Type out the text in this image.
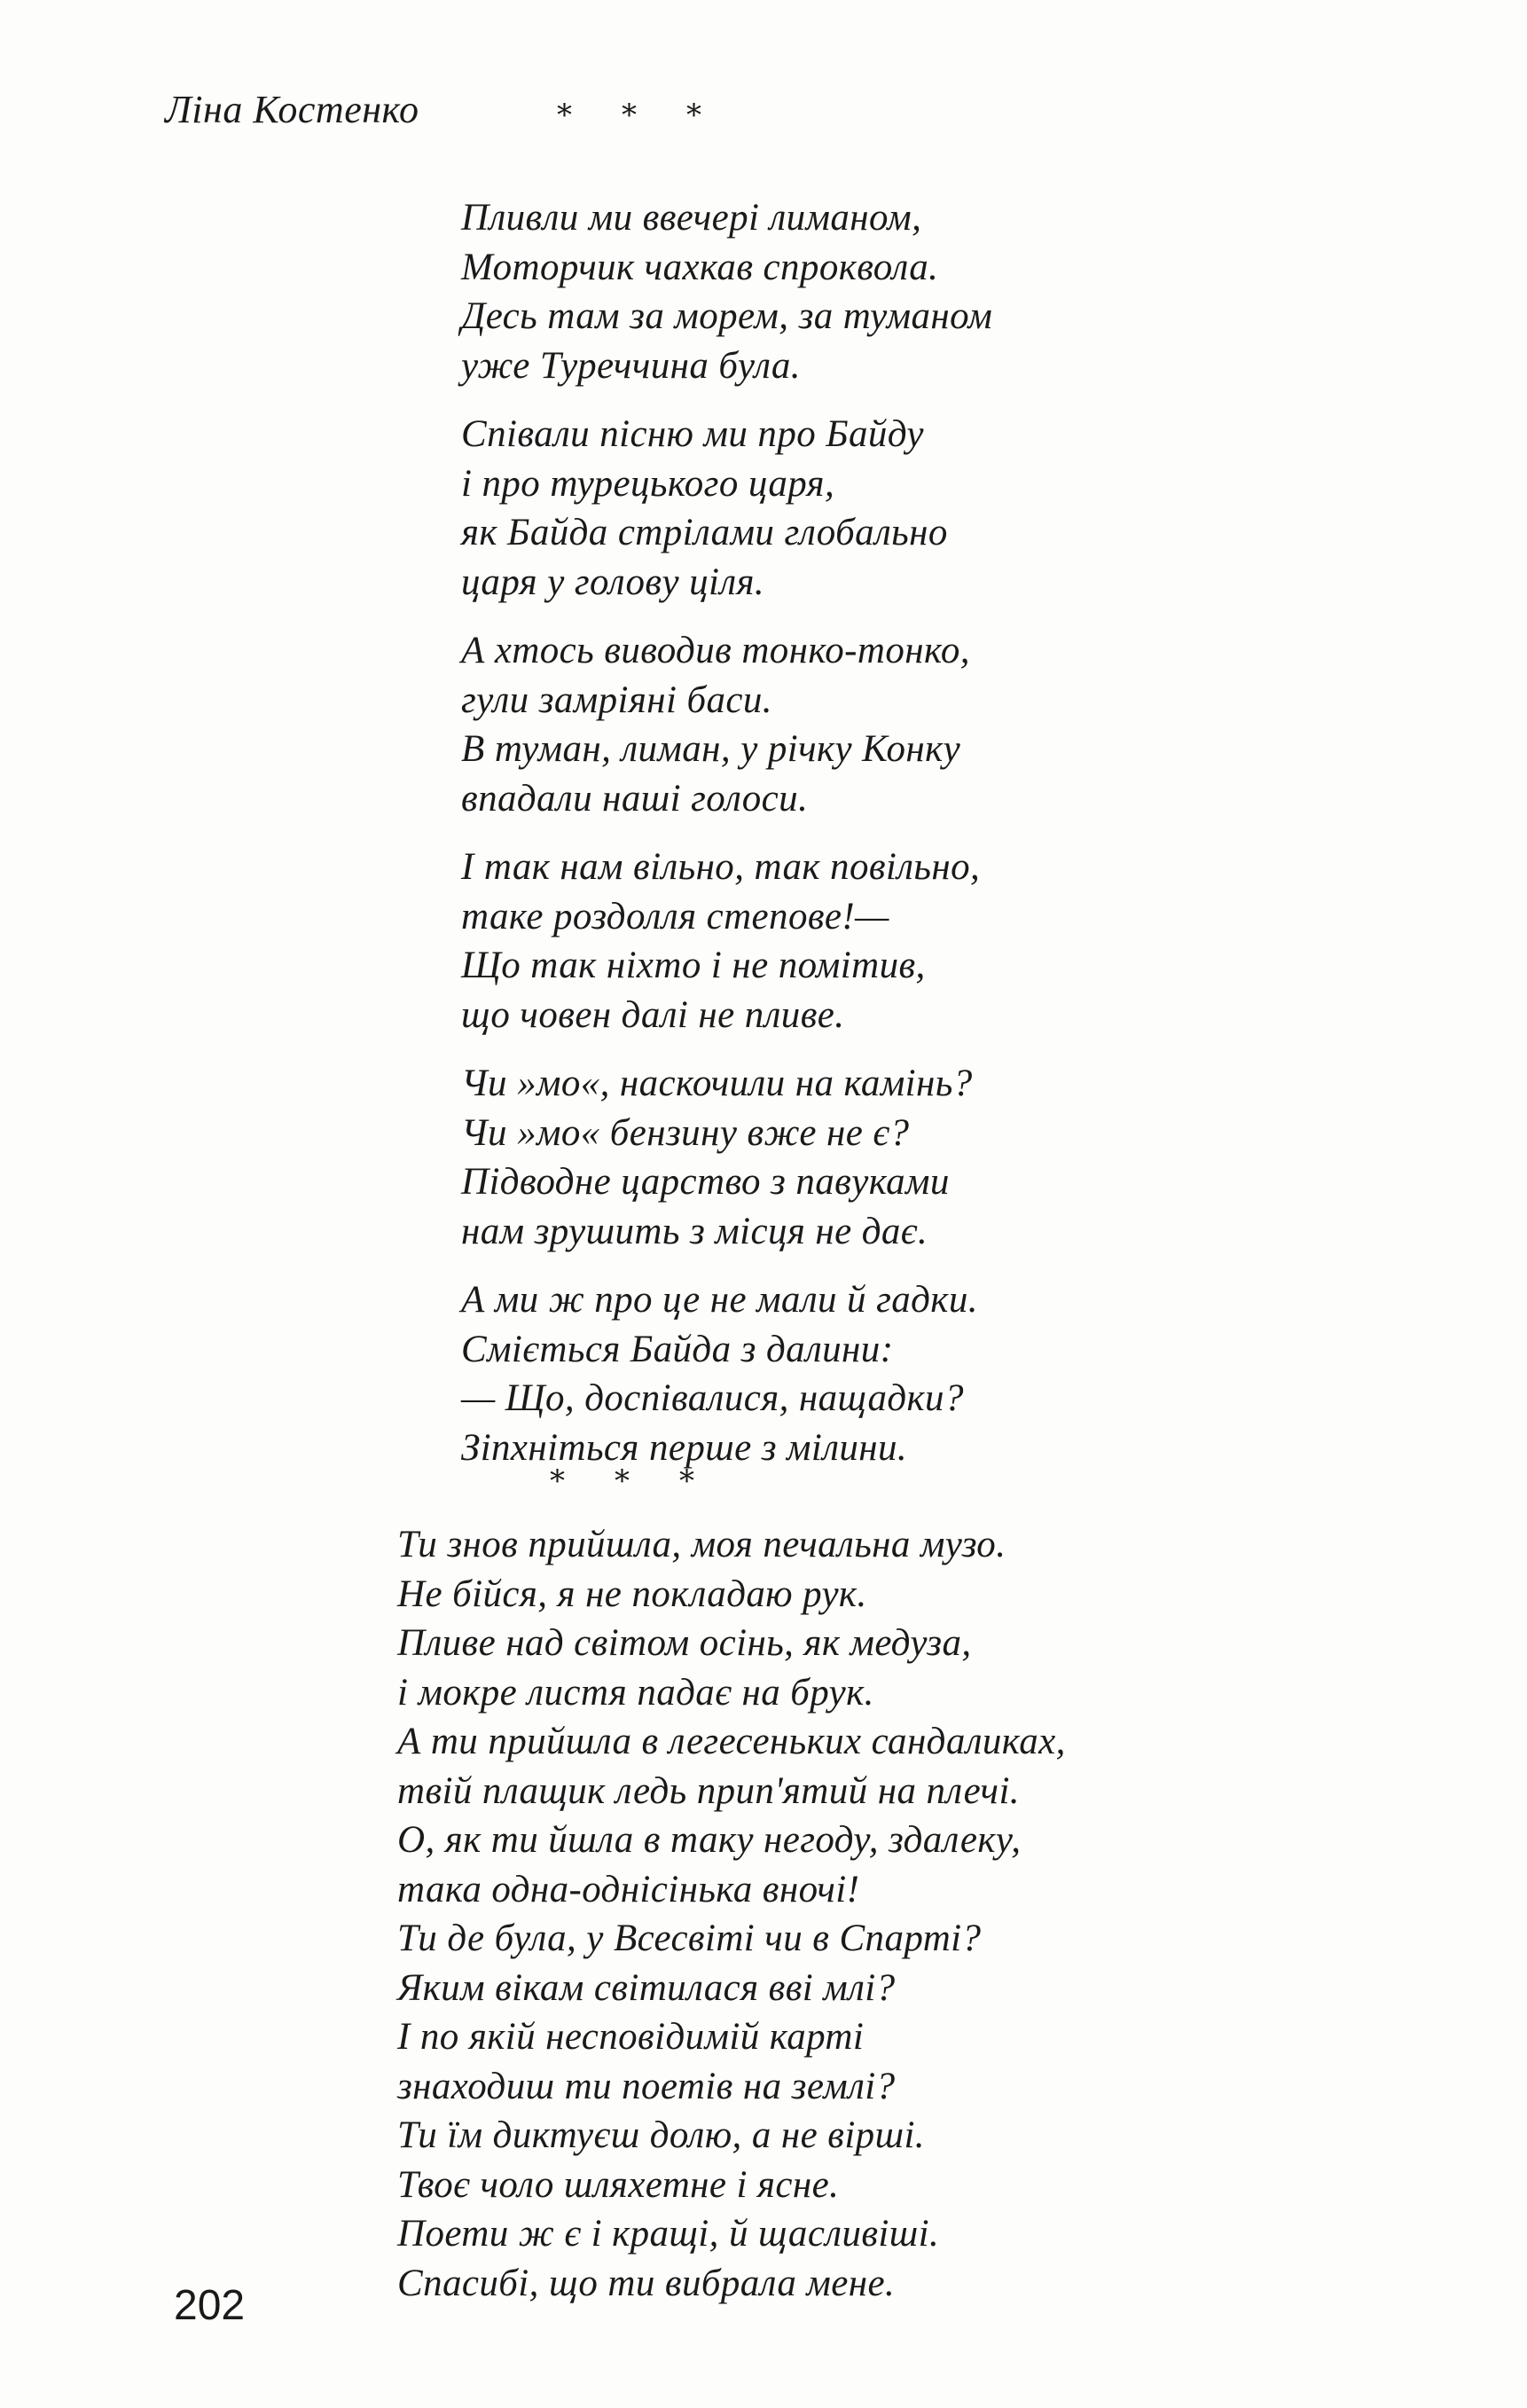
Ліна Костенко	* * *
Пливли ми ввечері лиманом,
Моторчик чахкав спроквола.
Десь там за морем, за туманом
уже Туреччина була.
Співали пісню ми про Байду
і про турецького царя,
як Байда стрілами глобально
царя у голову ціля.
А хтось виводив тонко-тонко,
гули замріяні баси.
В туман, лиман, у річку Конку
впадали наші голоси.
І так нам вільно, так повільно,
таке роздолля степове!—
Що так ніхто і не помітив,
що човен далі не пливе.
Чи »мо«, наскочили на камінь?
Чи »мо« бензину вже не є?
Підводне царство з павуками
нам зрушить з місця не дає.
А ми ж про це не мали й гадки.
Сміється Байда з далини:
— Що, доспівалися, нащадки?
Зіпхніться перше з мілини.
* * *
Ти знов прийшла, моя печальна музо.
Не бійся, я не покладаю рук.
Пливе над світом осінь, як медуза,
і мокре листя падає на брук.
А ти прийшла в легесеньких сандаликах,
твій плащик ледь прип'ятий на плечі.
О, як ти йшла в таку негоду, здалеку,
така одна-однісінька вночі!
Ти де була, у Всесвіті чи в Спарті?
Яким вікам світилася вві млі?
І по якій несповідимій карті
знаходиш ти поетів на землі?
Ти їм диктуєш долю, а не вірші.
Твоє чоло шляхетне і ясне.
Поети ж є і кращі, й щасливіші.
Спасибі, що ти вибрала мене.
202
